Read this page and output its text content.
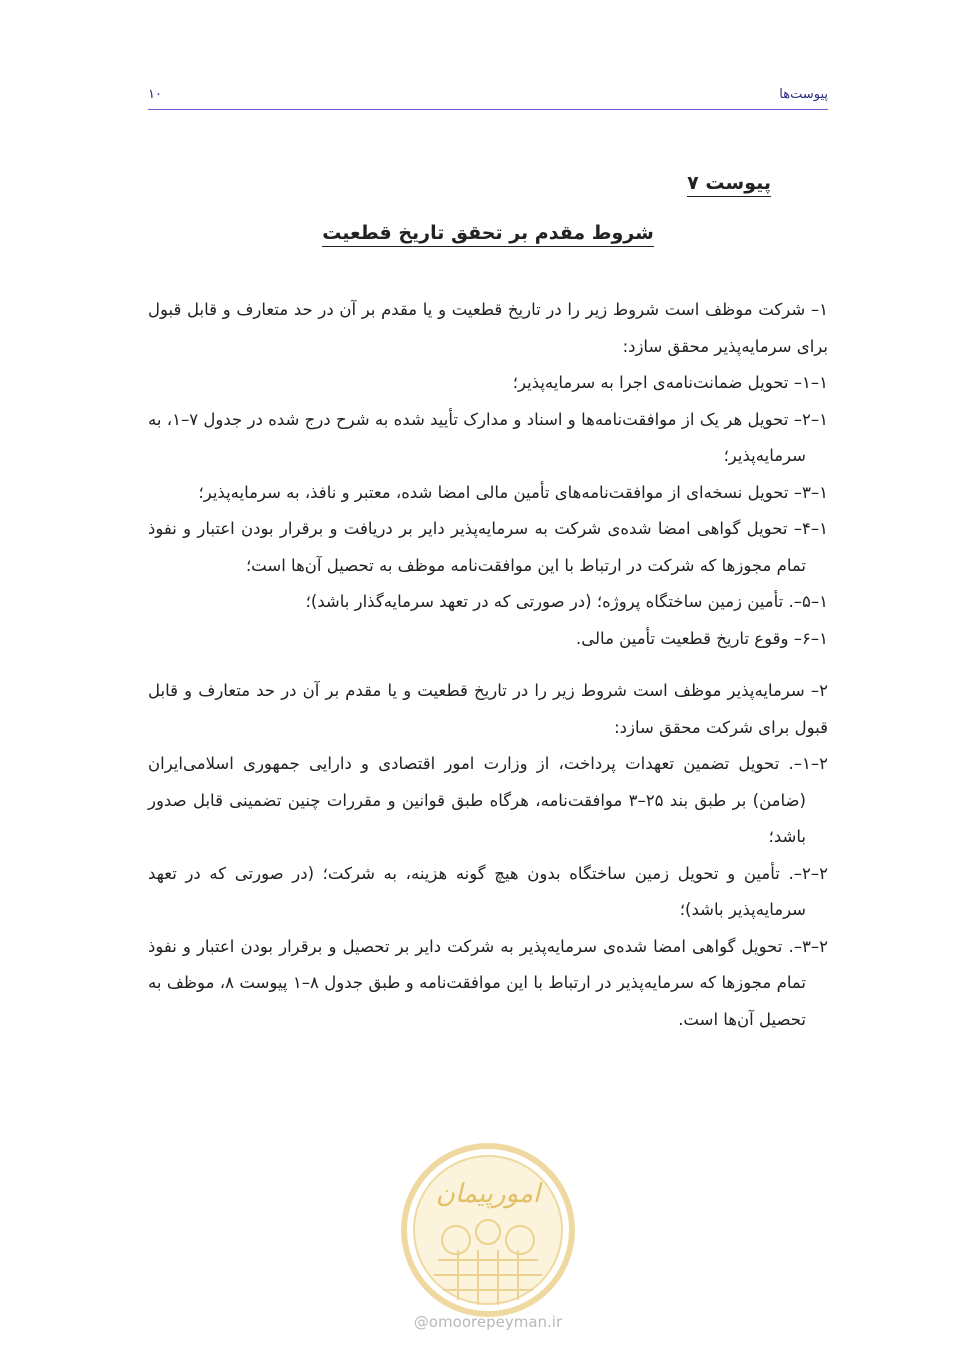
۱۰	پیوست‌ها
پیوست ۷
شروط مقدم بر تحقق تاریخ قطعیت
۱– شرکت موظف است شروط زیر را در تاریخ قطعیت و یا مقدم بر آن در حد متعارف و قابل قبول برای سرمایه‌پذیر محقق سازد:
۱–۱– تحویل ضمانت‌نامه‌ی اجرا به سرمایه‌پذیر؛
۱–۲– تحویل هر یک از موافقت‌نامه‌ها و اسناد و مدارک تأیید شده به شرح درج شده در جدول ۷–۱، به سرمایه‌پذیر؛
۱–۳– تحویل نسخه‌ای از موافقت‌نامه‌های تأمین مالی امضا شده، معتبر و نافذ، به سرمایه‌پذیر؛
۱–۴– تحویل گواهی امضا شده‌ی شرکت به سرمایه‌پذیر دایر بر دریافت و برقرار بودن اعتبار و نفوذ تمام مجوزها که شرکت در ارتباط با این موافقت‌نامه موظف به تحصیل آن‌ها است؛
۱–۵–. تأمین زمین ساختگاه پروژه؛ (در صورتی که در تعهد سرمایه‌گذار باشد)؛
۱–۶– وقوع تاریخ قطعیت تأمین مالی.
۲– سرمایه‌پذیر موظف است شروط زیر را در تاریخ قطعیت و یا مقدم بر آن در حد متعارف و قابل قبول برای شرکت محقق سازد:
۲–۱–. تحویل تضمین تعهدات پرداخت، از وزارت امور اقتصادی و دارایی جمهوری اسلامی‌ایران (ضامن) بر طبق بند ۲۵–۳ موافقت‌نامه، هرگاه طبق قوانین و مقررات چنین تضمینی قابل صدور باشد؛
۲–۲–. تأمین و تحویل زمین ساختگاه بدون هیچ گونه هزینه، به شرکت؛ (در صورتی که در تعهد سرمایه‌پذیر باشد)؛
۲–۳–. تحویل گواهی امضا شده‌ی سرمایه‌پذیر به شرکت دایر بر تحصیل و برقرار بودن اعتبار و نفوذ تمام مجوزها که سرمایه‌پذیر در ارتباط با این موافقت‌نامه و طبق جدول ۸–۱ پیوست ۸، موظف به تحصیل آن‌ها است.
امورپیمان
@omoorepeyman.ir
